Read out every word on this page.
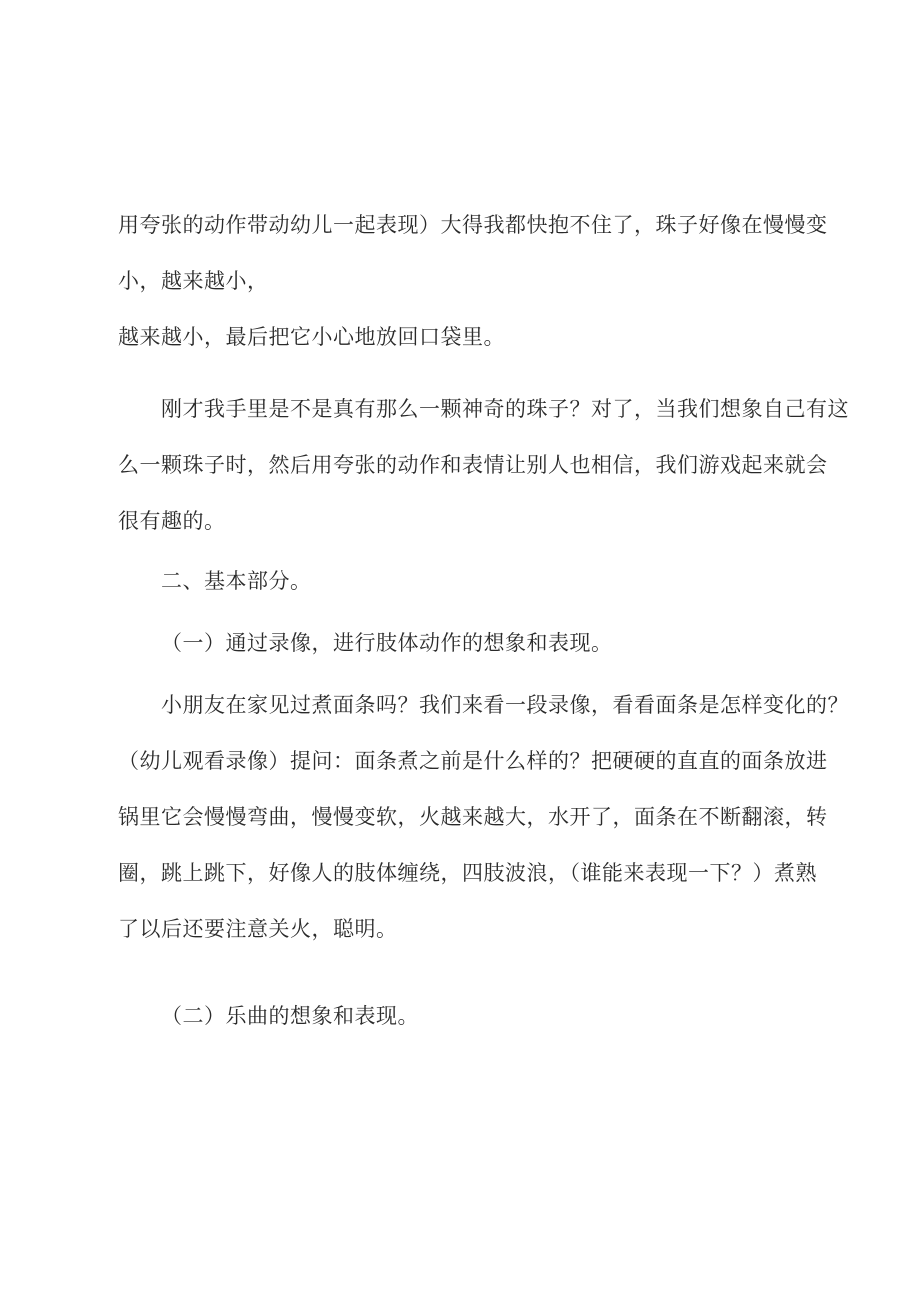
用夸张的动作带动幼儿一起表现）大得我都快抱不住了，珠子好像在慢慢变
小，越来越小，
越来越小，最后把它小心地放回口袋里。
刚才我手里是不是真有那么一颗神奇的珠子？对了，当我们想象自己有这
么一颗珠子时，然后用夸张的动作和表情让别人也相信，我们游戏起来就会
很有趣的。
二、基本部分。
（一）通过录像，进行肢体动作的想象和表现。
小朋友在家见过煮面条吗？我们来看一段录像，看看面条是怎样变化的？
（幼儿观看录像）提问：面条煮之前是什么样的？把硬硬的直直的面条放进
锅里它会慢慢弯曲，慢慢变软，火越来越大，水开了，面条在不断翻滚，转
圈，跳上跳下，好像人的肢体缠绕，四肢波浪，（谁能来表现一下？）煮熟
了以后还要注意关火，聪明。
（二）乐曲的想象和表现。
